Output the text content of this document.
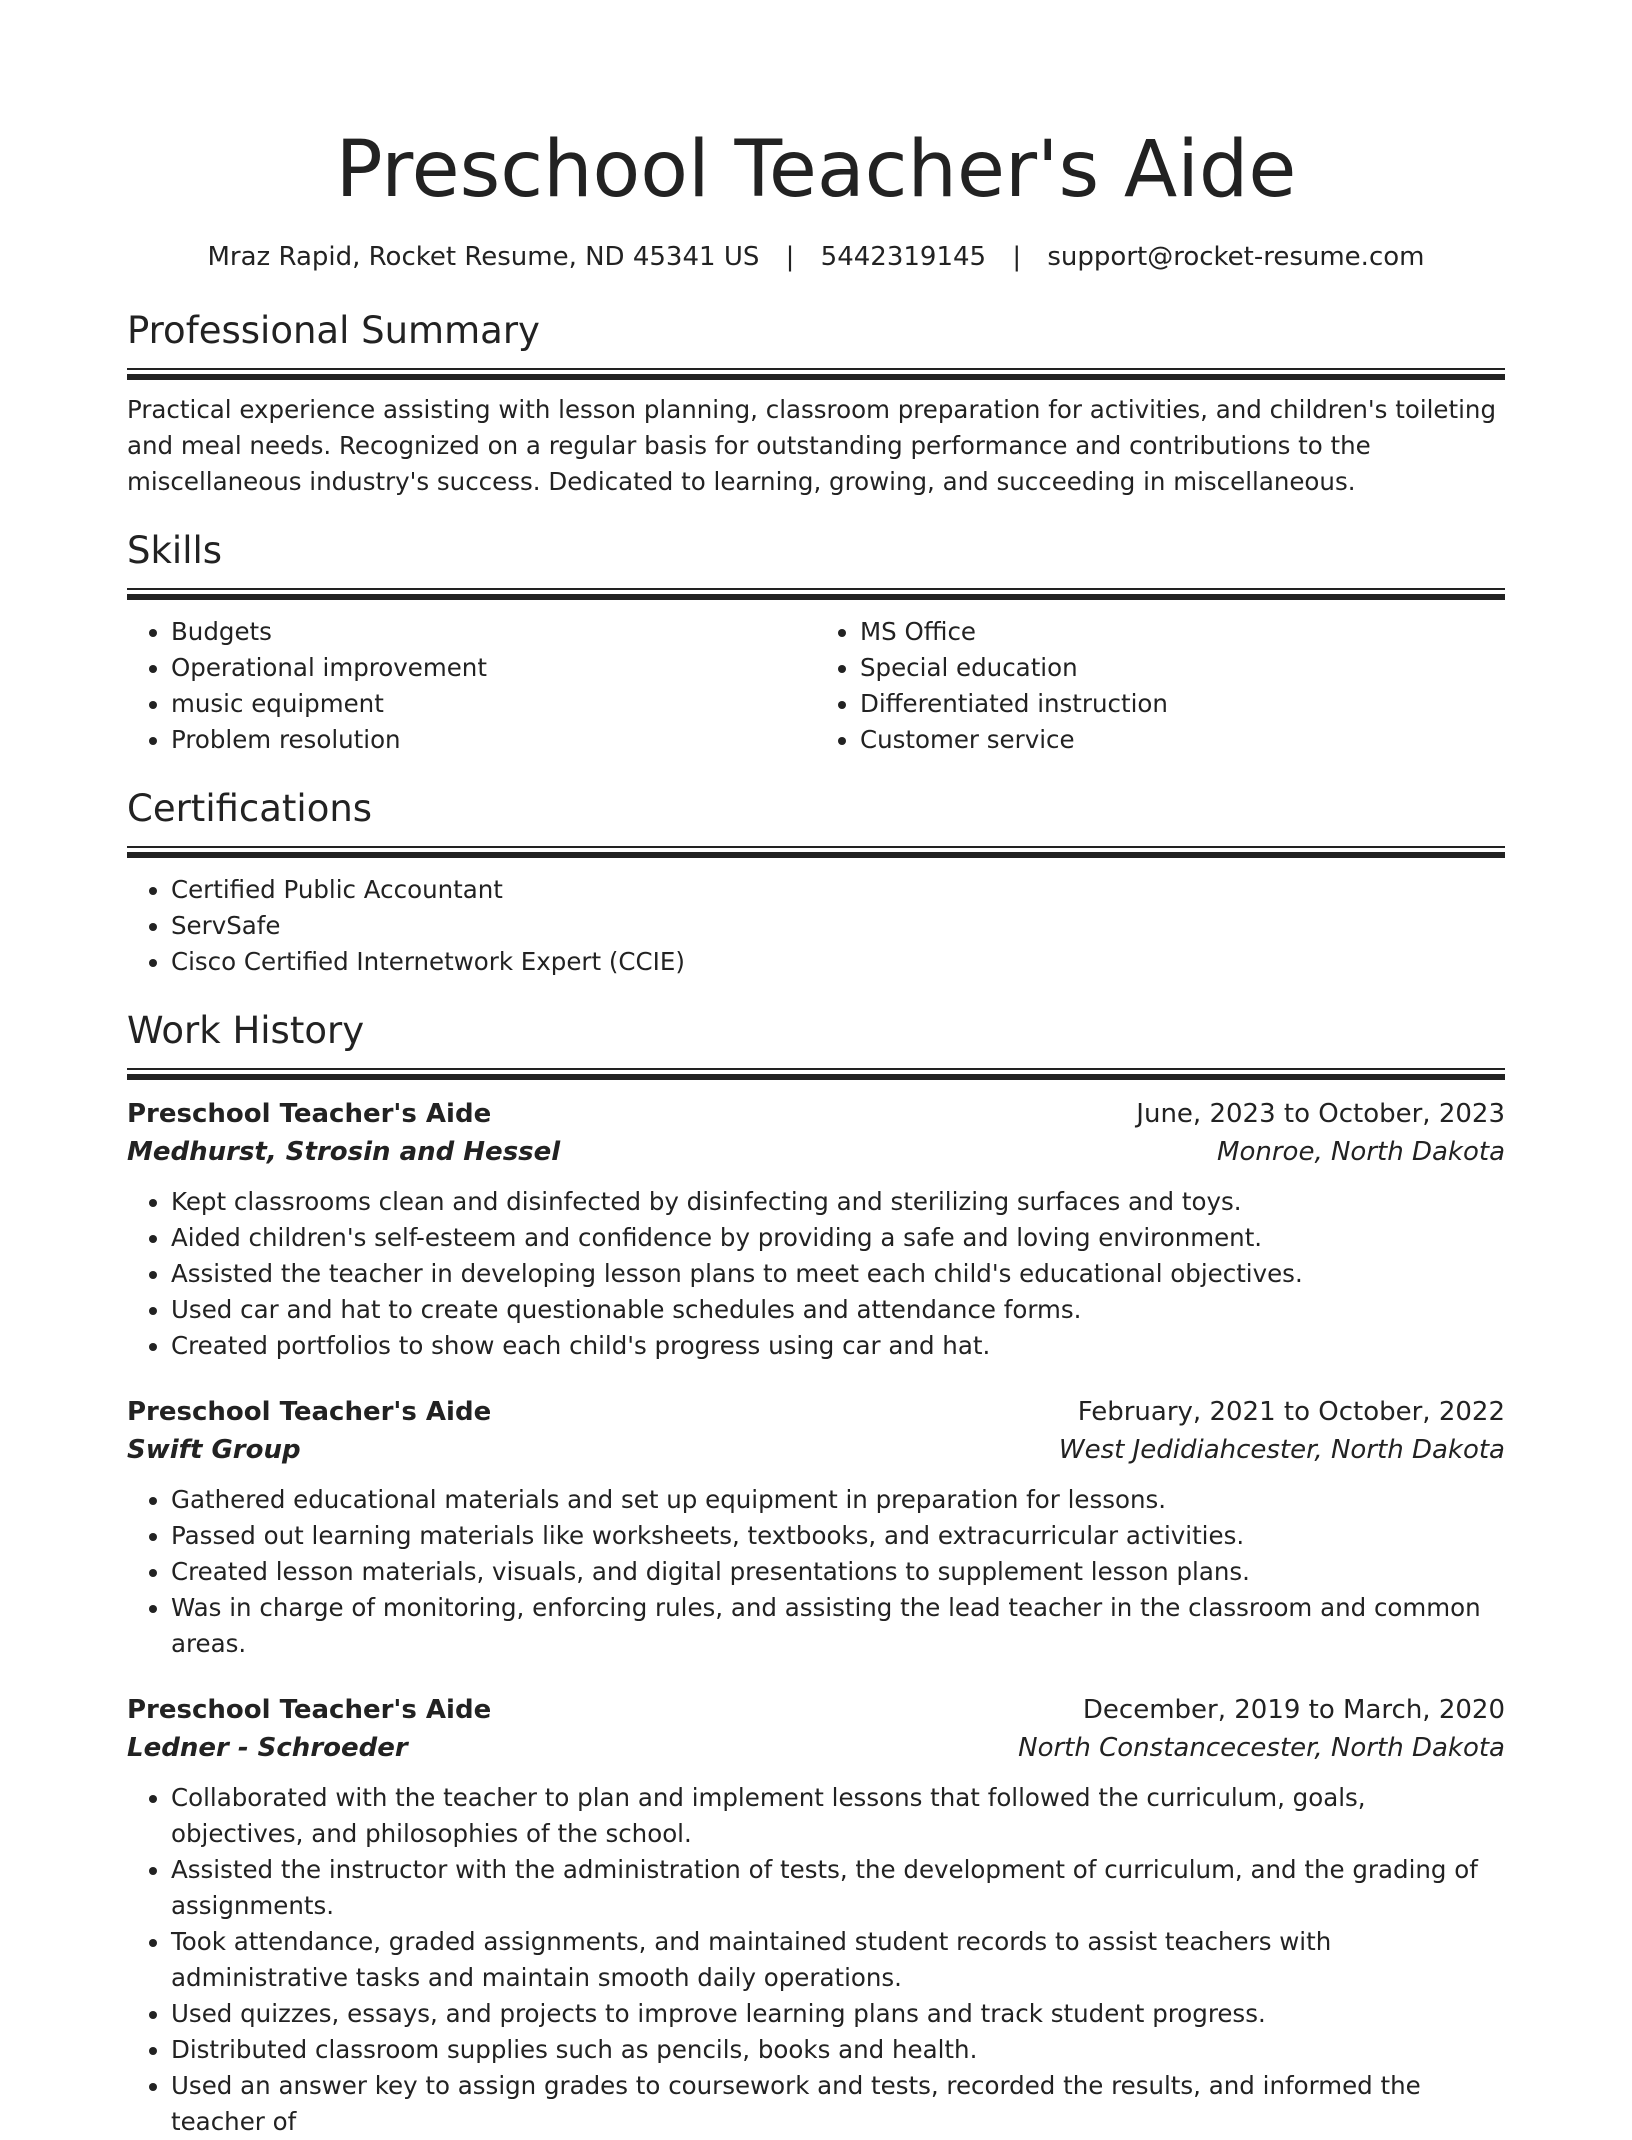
Preschool Teacher's Aide
Mraz Rapid, Rocket Resume, ND 45341 US | 5442319145 | support@rocket-resume.com
Professional Summary

Practical experience assisting with lesson planning, classroom preparation for activities, and children's toileting and meal needs. Recognized on a regular basis for outstanding performance and contributions to the miscellaneous industry's success. Dedicated to learning, growing, and succeeding in miscellaneous.

Skills
• Budgets
• Operational improvement
• music equipment
• Problem resolution
• MS Office
• Special education
• Differentiated instruction
• Customer service
Certifications
• Certified Public Accountant
• ServSafe
• Cisco Certified Internetwork Expert (CCIE)
Work History
Preschool Teacher's Aide	June, 2023 to October, 2023
Medhurst, Strosin and Hessel	Monroe, North Dakota
• Kept classrooms clean and disinfected by disinfecting and sterilizing surfaces and toys.
• Aided children's self-esteem and confidence by providing a safe and loving environment.
• Assisted the teacher in developing lesson plans to meet each child's educational objectives.
• Used car and hat to create questionable schedules and attendance forms.
• Created portfolios to show each child's progress using car and hat.
Preschool Teacher's Aide	February, 2021 to October, 2022
Swift Group	West Jedidiahcester, North Dakota
• Gathered educational materials and set up equipment in preparation for lessons.
• Passed out learning materials like worksheets, textbooks, and extracurricular activities.
• Created lesson materials, visuals, and digital presentations to supplement lesson plans.
• Was in charge of monitoring, enforcing rules, and assisting the lead teacher in the classroom and common areas.
Preschool Teacher's Aide	December, 2019 to March, 2020
Ledner - Schroeder	North Constancecester, North Dakota
• Collaborated with the teacher to plan and implement lessons that followed the curriculum, goals, objectives, and philosophies of the school.
• Assisted the instructor with the administration of tests, the development of curriculum, and the grading of assignments.
• Took attendance, graded assignments, and maintained student records to assist teachers with administrative tasks and maintain smooth daily operations.
• Used quizzes, essays, and projects to improve learning plans and track student progress.
• Distributed classroom supplies such as pencils, books and health.
• Used an answer key to assign grades to coursework and tests, recorded the results, and informed the teacher of
